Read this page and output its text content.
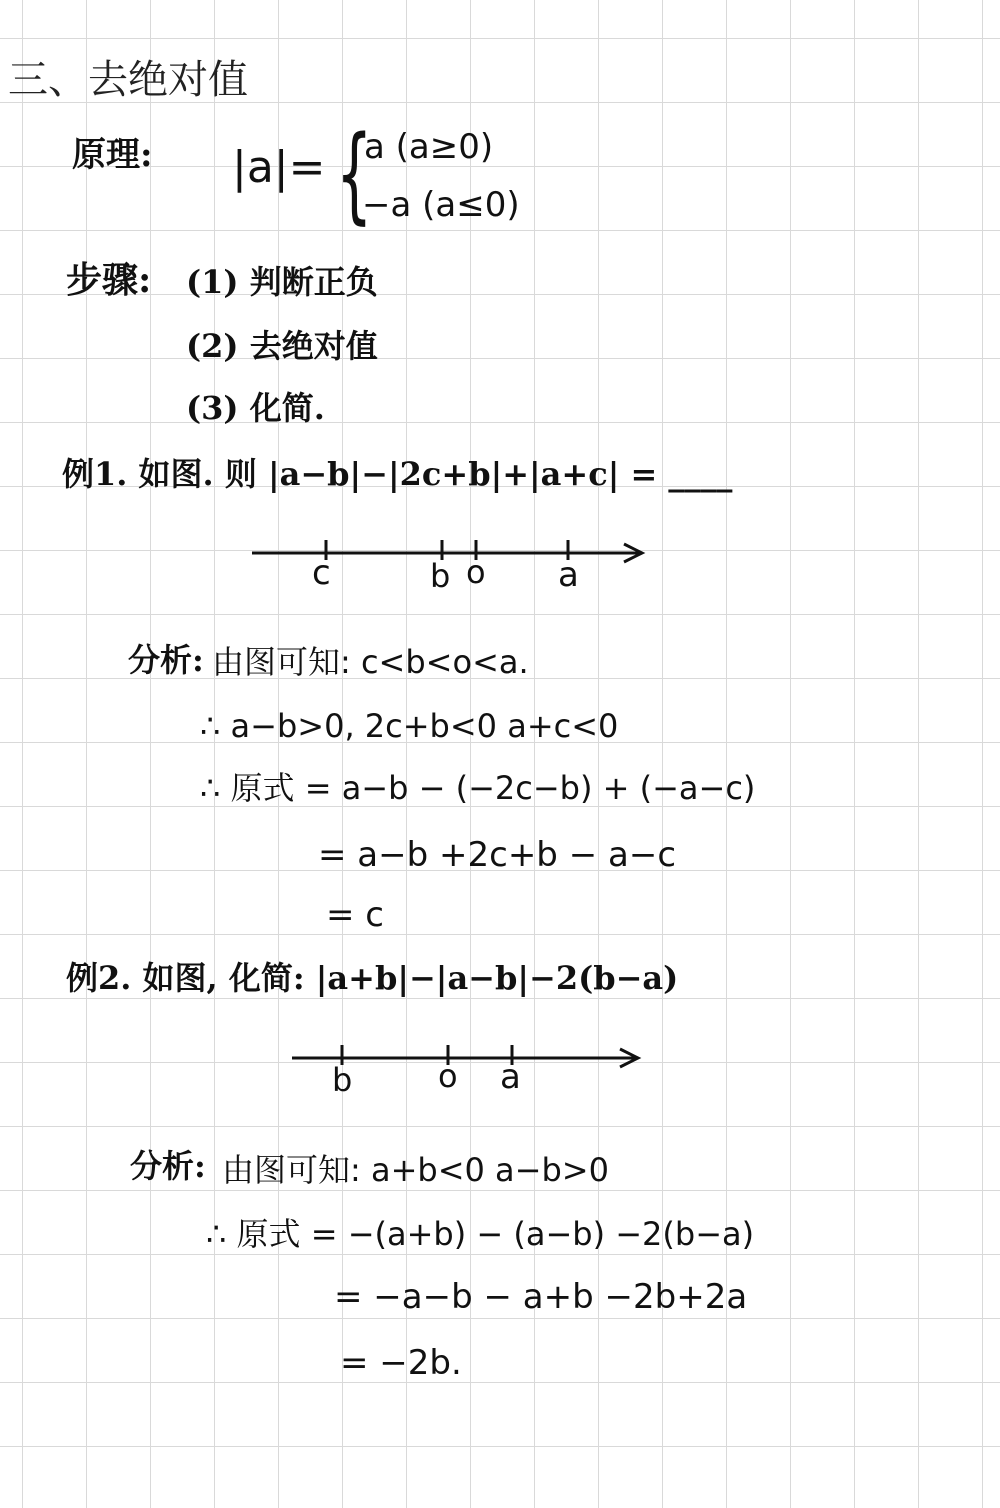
三、去绝对值
原理: |a|= {
a (a≥0)
−a (a≤0)
步骤: (1) 判断正负
(2) 去绝对值
(3) 化简.
例1. 如图. 则 |a−b|−|2c+b|+|a+c| = ____
c	b o a
分析: 由图可知: c<b<o<a.
∴ a−b>0, 2c+b<0 a+c<0
∴ 原式 = a−b − (−2c−b) + (−a−c)
= a−b +2c+b − a−c
= c
例2. 如图, 化简: |a+b|−|a−b|−2(b−a)
b	o a
分析: 由图可知: a+b<0 a−b>0
∴ 原式 = −(a+b) − (a−b) −2(b−a)
= −a−b − a+b −2b+2a
= −2b.
